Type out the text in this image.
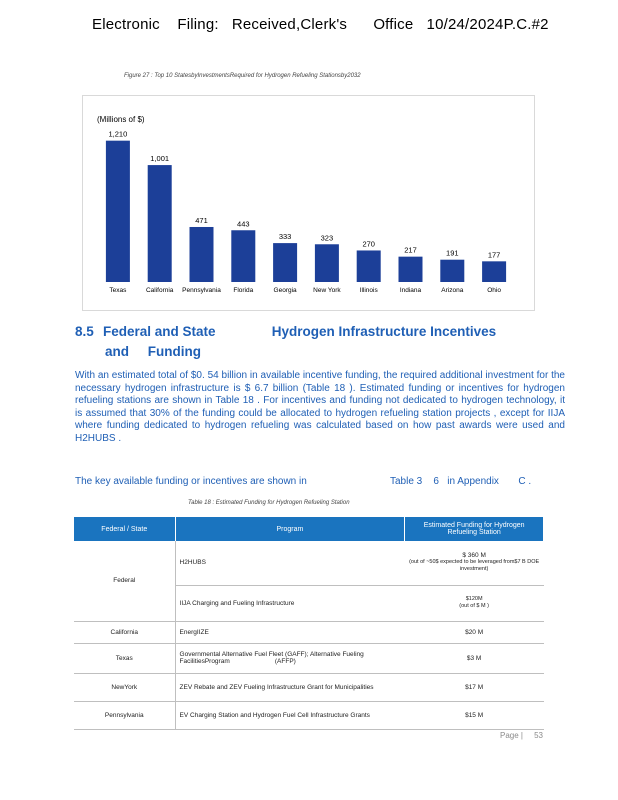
Electronic    Filing:   Received,Clerk's      Office   10/24/2024P.C.#2
Figure 27 : Top 10 StatesbyInvestmentsRequired for Hydrogen Refueling Stationsby2032
(Millions of $)
1,210
Texas
1,001
California
471
Pennsylvania
443
Florida
333
Georgia
323
New York
270
Illinois
217
Indiana
191
Arizona
177
Ohio
8.5 Federal and State               Hydrogen Infrastructure Incentives
and     Funding
With an estimated total of $0. 54 billion in available incentive funding, the required additional investment for the necessary hydrogen infrastructure is $ 6.7 billion (Table 18 ). Estimated funding or incentives for hydrogen refueling stations are shown in Table 18 . For incentives and funding not dedicated to hydrogen technology, it is assumed that 30% of the funding could be allocated to hydrogen refueling station projects , except for IIJA where funding dedicated to hydrogen refueling was calculated based on how past awards were used and H2HUBS .
The key available funding or incentives are shown in                              Table 3    6   in Appendix       C .
Table 18 : Estimated Funding for Hydrogen Refueling Station
Federal / State	Program	Estimated Funding for Hydrogen Refueling Station
Federal	H2HUBS	$ 360 M
(out of ~50$ expected to be leveraged from$7 B DOE investment)

	IIJA Charging and Fueling Infrastructure	$120M
(out of $ M )

California	EnergIIZE	$20 M
Texas	Governmental Alternative Fuel Fleet (GAFF); Alternative Fueling FacilitiesProgram                         (AFFP)	$3 M
NewYork	ZEV Rebate and ZEV Fueling Infrastructure Grant for Municipalities	$17 M
Pennsylvania	EV Charging Station and Hydrogen Fuel Cell Infrastructure Grants	$15 M
Page |     53
